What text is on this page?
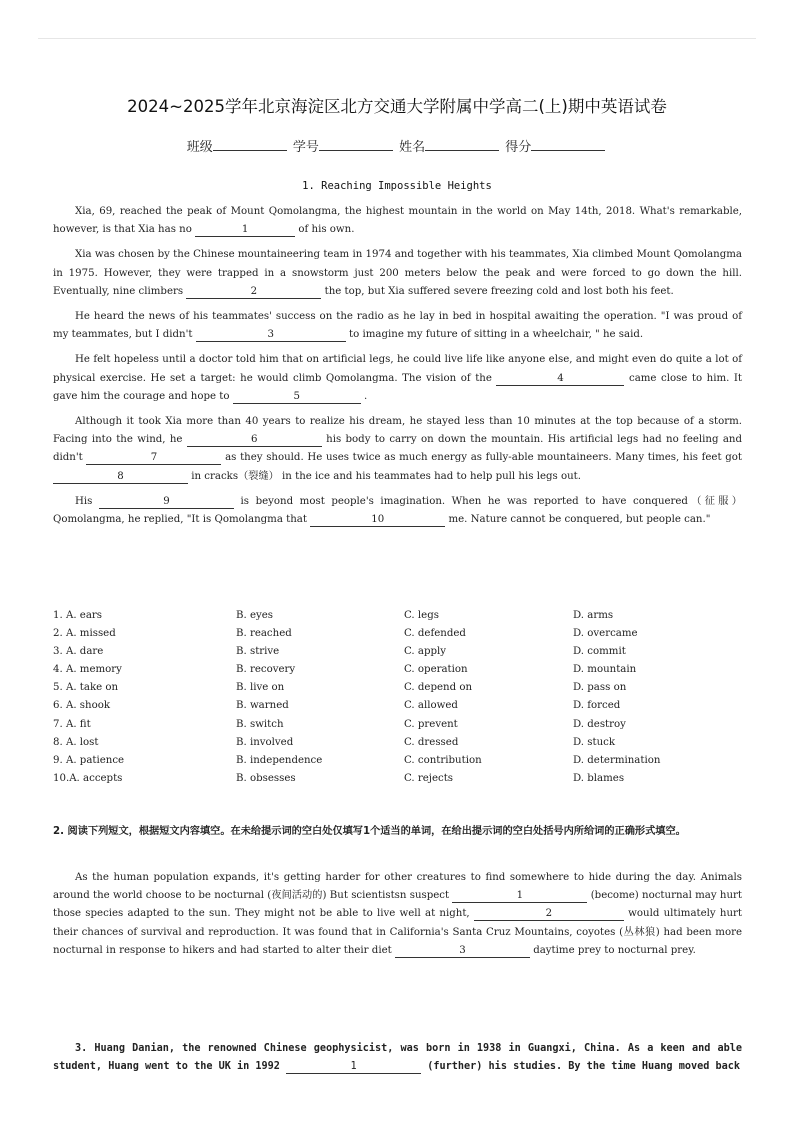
2024~2025学年北京海淀区北方交通大学附属中学高二(上)期中英语试卷
班级	学号	姓名	得分
1. Reaching Impossible Heights

Xia, 69, reached the peak of Mount Qomolangma, the highest mountain in the world on May 14th, 2018. What's remarkable, however, is that Xia has no	1	of his own.

Xia was chosen by the Chinese mountaineering team in 1974 and together with his teammates, Xia climbed Mount Qomolangma in 1975. However, they were trapped in a snowstorm just 200 meters below the peak and were forced to go down the hill. Eventually, nine climbers	2	the top, but Xia suffered severe freezing cold and lost both his feet.

He heard the news of his teammates' success on the radio as he lay in bed in hospital awaiting the operation. "I was proud of my teammates, but I didn't	3	to imagine my future of sitting in a wheelchair, " he said.

He felt hopeless until a doctor told him that on artificial legs, he could live life like anyone else, and might even do quite a lot of physical exercise. He set a target: he would climb Qomolangma. The vision of the	4	came close to him. It gave him the courage and hope to	5	.

Although it took Xia more than 40 years to realize his dream, he stayed less than 10 minutes at the top because of a storm. Facing into the wind, he	6	his body to carry on down the mountain. His artificial legs had no feeling and didn't	7	as they should. He uses twice as much energy as fully-able mountaineers. Many times, his feet got 8	in cracks（裂缝） in the ice and his teammates had to help pull his legs out.

His	9	is beyond most people's imagination. When he was reported to have conquered（征服） Qomolangma, he replied, "It is Qomolangma that	10	me. Nature cannot be conquered, but people can."

1. A. ears	B. eyes	C. legs	D. arms
2. A. missed	B. reached	C. defended	D. overcame
3. A. dare	B. strive	C. apply	D. commit
4. A. memory	B. recovery	C. operation	D. mountain
5. A. take on	B. live on	C. depend on	D. pass on
6. A. shook	B. warned	C. allowed	D. forced
7. A. fit	B. switch	C. prevent	D. destroy
8. A. lost	B. involved	C. dressed	D. stuck
9. A. patience	B. independence	C. contribution	D. determination
10.A. accepts	B. obsesses	C. rejects	D. blames
2. 阅读下列短文，根据短文内容填空。在未给提示词的空白处仅填写1个适当的单词，在给出提示词的空白处括号内所给词的正确形式填空。

As the human population expands, it's getting harder for other creatures to find somewhere to hide during the day. Animals around the world choose to be nocturnal (夜间活动的) But scientistsn suspect	1	(become) nocturnal may hurt those species adapted to the sun. They might not be able to live well at night,	2	would ultimately hurt their chances of survival and reproduction. It was found that in California's Santa Cruz Mountains, coyotes (丛林狼) had been more nocturnal in response to hikers and had started to alter their diet	3	daytime prey to nocturnal prey.

3. Huang Danian, the renowned Chinese geophysicist, was born in 1938 in Guangxi, China. As a keen and able student, Huang went to the UK in 1992	1	(further) his studies. By the time Huang moved back
